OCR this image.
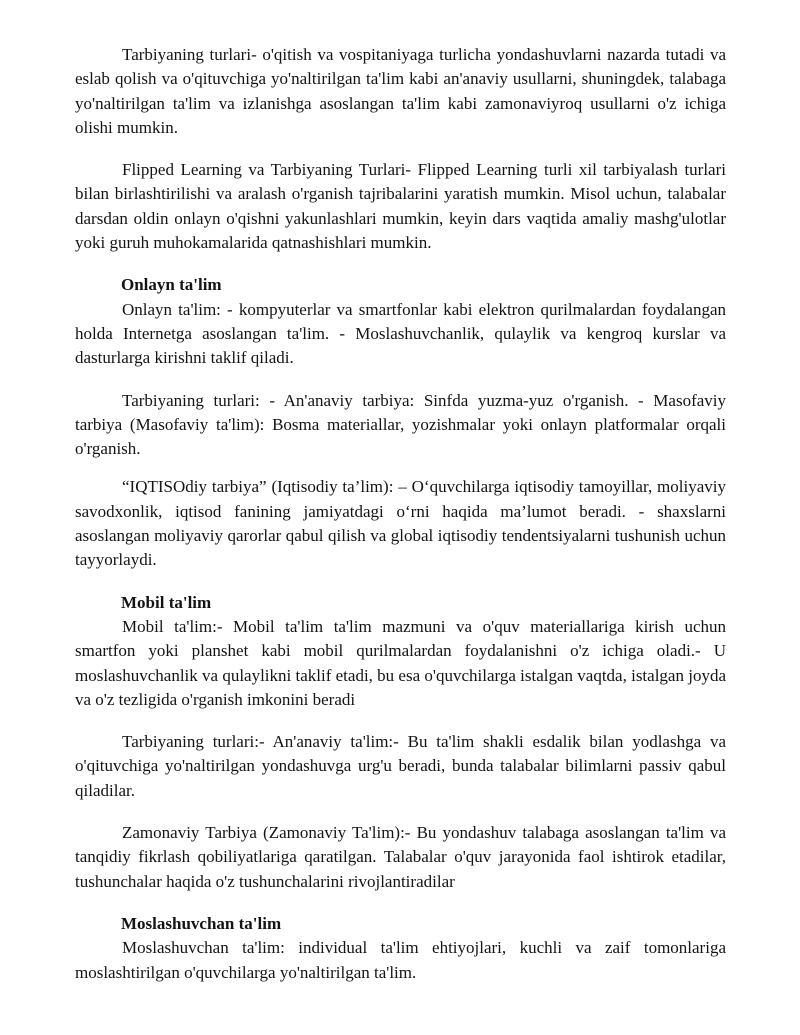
Tarbiyaning turlari- o'qitish va vospitaniyaga turlicha yondashuvlarni nazarda tutadi va eslab qolish va o'qituvchiga yo'naltirilgan ta'lim kabi an'anaviy usullarni, shuningdek, talabaga yo'naltirilgan ta'lim va izlanishga asoslangan ta'lim kabi zamonaviyroq usullarni o'z ichiga olishi mumkin.

Flipped Learning va Tarbiyaning Turlari- Flipped Learning turli xil tarbiyalash turlari bilan birlashtirilishi va aralash o'rganish tajribalarini yaratish mumkin. Misol uchun, talabalar darsdan oldin onlayn o'qishni yakunlashlari mumkin, keyin dars vaqtida amaliy mashg'ulotlar yoki guruh muhokamalarida qatnashishlari mumkin.

Onlayn ta'lim

Onlayn ta'lim: - kompyuterlar va smartfonlar kabi elektron qurilmalardan foydalangan holda Internetga asoslangan ta'lim. - Moslashuvchanlik, qulaylik va kengroq kurslar va dasturlarga kirishni taklif qiladi.

Tarbiyaning turlari: - An'anaviy tarbiya: Sinfda yuzma-yuz o'rganish. - Masofaviy tarbiya (Masofaviy ta'lim): Bosma materiallar, yozishmalar yoki onlayn platformalar orqali o'rganish.

“IQTISOdiy tarbiya” (Iqtisodiy ta’lim): – O‘quvchilarga iqtisodiy tamoyillar, moliyaviy savodxonlik, iqtisod fanining jamiyatdagi o‘rni haqida ma’lumot beradi. - shaxslarni asoslangan moliyaviy qarorlar qabul qilish va global iqtisodiy tendentsiyalarni tushunish uchun tayyorlaydi.

Mobil ta'lim

Mobil ta'lim:- Mobil ta'lim ta'lim mazmuni va o'quv materiallariga kirish uchun smartfon yoki planshet kabi mobil qurilmalardan foydalanishni o'z ichiga oladi.- U moslashuvchanlik va qulaylikni taklif etadi, bu esa o'quvchilarga istalgan vaqtda, istalgan joyda va o'z tezligida o'rganish imkonini beradi

Tarbiyaning turlari:- An'anaviy ta'lim:- Bu ta'lim shakli esdalik bilan yodlashga va o'qituvchiga yo'naltirilgan yondashuvga urg'u beradi, bunda talabalar bilimlarni passiv qabul qiladilar.

Zamonaviy Tarbiya (Zamonaviy Ta'lim):- Bu yondashuv talabaga asoslangan ta'lim va tanqidiy fikrlash qobiliyatlariga qaratilgan. Talabalar o'quv jarayonida faol ishtirok etadilar, tushunchalar haqida o'z tushunchalarini rivojlantiradilar

Moslashuvchan ta'lim

Moslashuvchan ta'lim: individual ta'lim ehtiyojlari, kuchli va zaif tomonlariga moslashtirilgan o'quvchilarga yo'naltirilgan ta'lim.
